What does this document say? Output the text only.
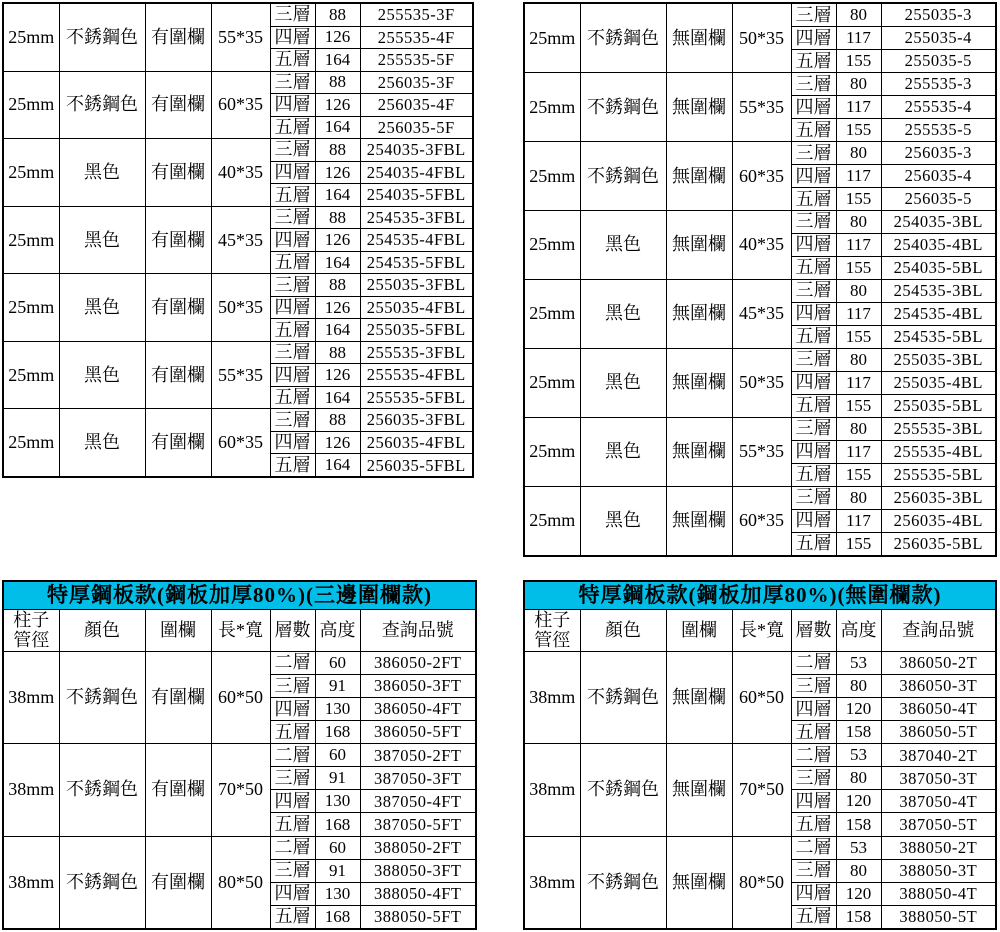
25mm	不銹鋼色	有圍欄	55*35	三層	88	255535-3F
				四層	126	255535-4F
				五層	164	255535-5F
25mm	不銹鋼色	有圍欄	60*35	三層	88	256035-3F
				四層	126	256035-4F
				五層	164	256035-5F
25mm	黑色	有圍欄	40*35	三層	88	254035-3FBL
				四層	126	254035-4FBL
				五層	164	254035-5FBL
25mm	黑色	有圍欄	45*35	三層	88	254535-3FBL
				四層	126	254535-4FBL
				五層	164	254535-5FBL
25mm	黑色	有圍欄	50*35	三層	88	255035-3FBL
				四層	126	255035-4FBL
				五層	164	255035-5FBL
25mm	黑色	有圍欄	55*35	三層	88	255535-3FBL
				四層	126	255535-4FBL
				五層	164	255535-5FBL
25mm	黑色	有圍欄	60*35	三層	88	256035-3FBL
				四層	126	256035-4FBL
				五層	164	256035-5FBL
25mm	不銹鋼色	無圍欄	50*35	三層	80	255035-3
				四層	117	255035-4
				五層	155	255035-5
25mm	不銹鋼色	無圍欄	55*35	三層	80	255535-3
				四層	117	255535-4
				五層	155	255535-5
25mm	不銹鋼色	無圍欄	60*35	三層	80	256035-3
				四層	117	256035-4
				五層	155	256035-5
25mm	黑色	無圍欄	40*35	三層	80	254035-3BL
				四層	117	254035-4BL
				五層	155	254035-5BL
25mm	黑色	無圍欄	45*35	三層	80	254535-3BL
				四層	117	254535-4BL
				五層	155	254535-5BL
25mm	黑色	無圍欄	50*35	三層	80	255035-3BL
				四層	117	255035-4BL
				五層	155	255035-5BL
25mm	黑色	無圍欄	55*35	三層	80	255535-3BL
				四層	117	255535-4BL
				五層	155	255535-5BL
25mm	黑色	無圍欄	60*35	三層	80	256035-3BL
				四層	117	256035-4BL
				五層	155	256035-5BL
特厚鋼板款(鋼板加厚80%)(三邊圍欄款)						

柱子
管徑	顏色	圍欄	長*寬	層數	高度	查詢品號
38mm	不銹鋼色	有圍欄	60*50	二層	60	386050-2FT
				三層	91	386050-3FT
				四層	130	386050-4FT
				五層	168	386050-5FT
38mm	不銹鋼色	有圍欄	70*50	二層	60	387050-2FT
				三層	91	387050-3FT
				四層	130	387050-4FT
				五層	168	387050-5FT
38mm	不銹鋼色	有圍欄	80*50	二層	60	388050-2FT
				三層	91	388050-3FT
				四層	130	388050-4FT
				五層	168	388050-5FT
特厚鋼板款(鋼板加厚80%)(無圍欄款)						

柱子
管徑	顏色	圍欄	長*寬	層數	高度	查詢品號
38mm	不銹鋼色	無圍欄	60*50	二層	53	386050-2T
				三層	80	386050-3T
				四層	120	386050-4T
				五層	158	386050-5T
38mm	不銹鋼色	無圍欄	70*50	二層	53	387040-2T
				三層	80	387050-3T
				四層	120	387050-4T
				五層	158	387050-5T
38mm	不銹鋼色	無圍欄	80*50	二層	53	388050-2T
				三層	80	388050-3T
				四層	120	388050-4T
				五層	158	388050-5T
